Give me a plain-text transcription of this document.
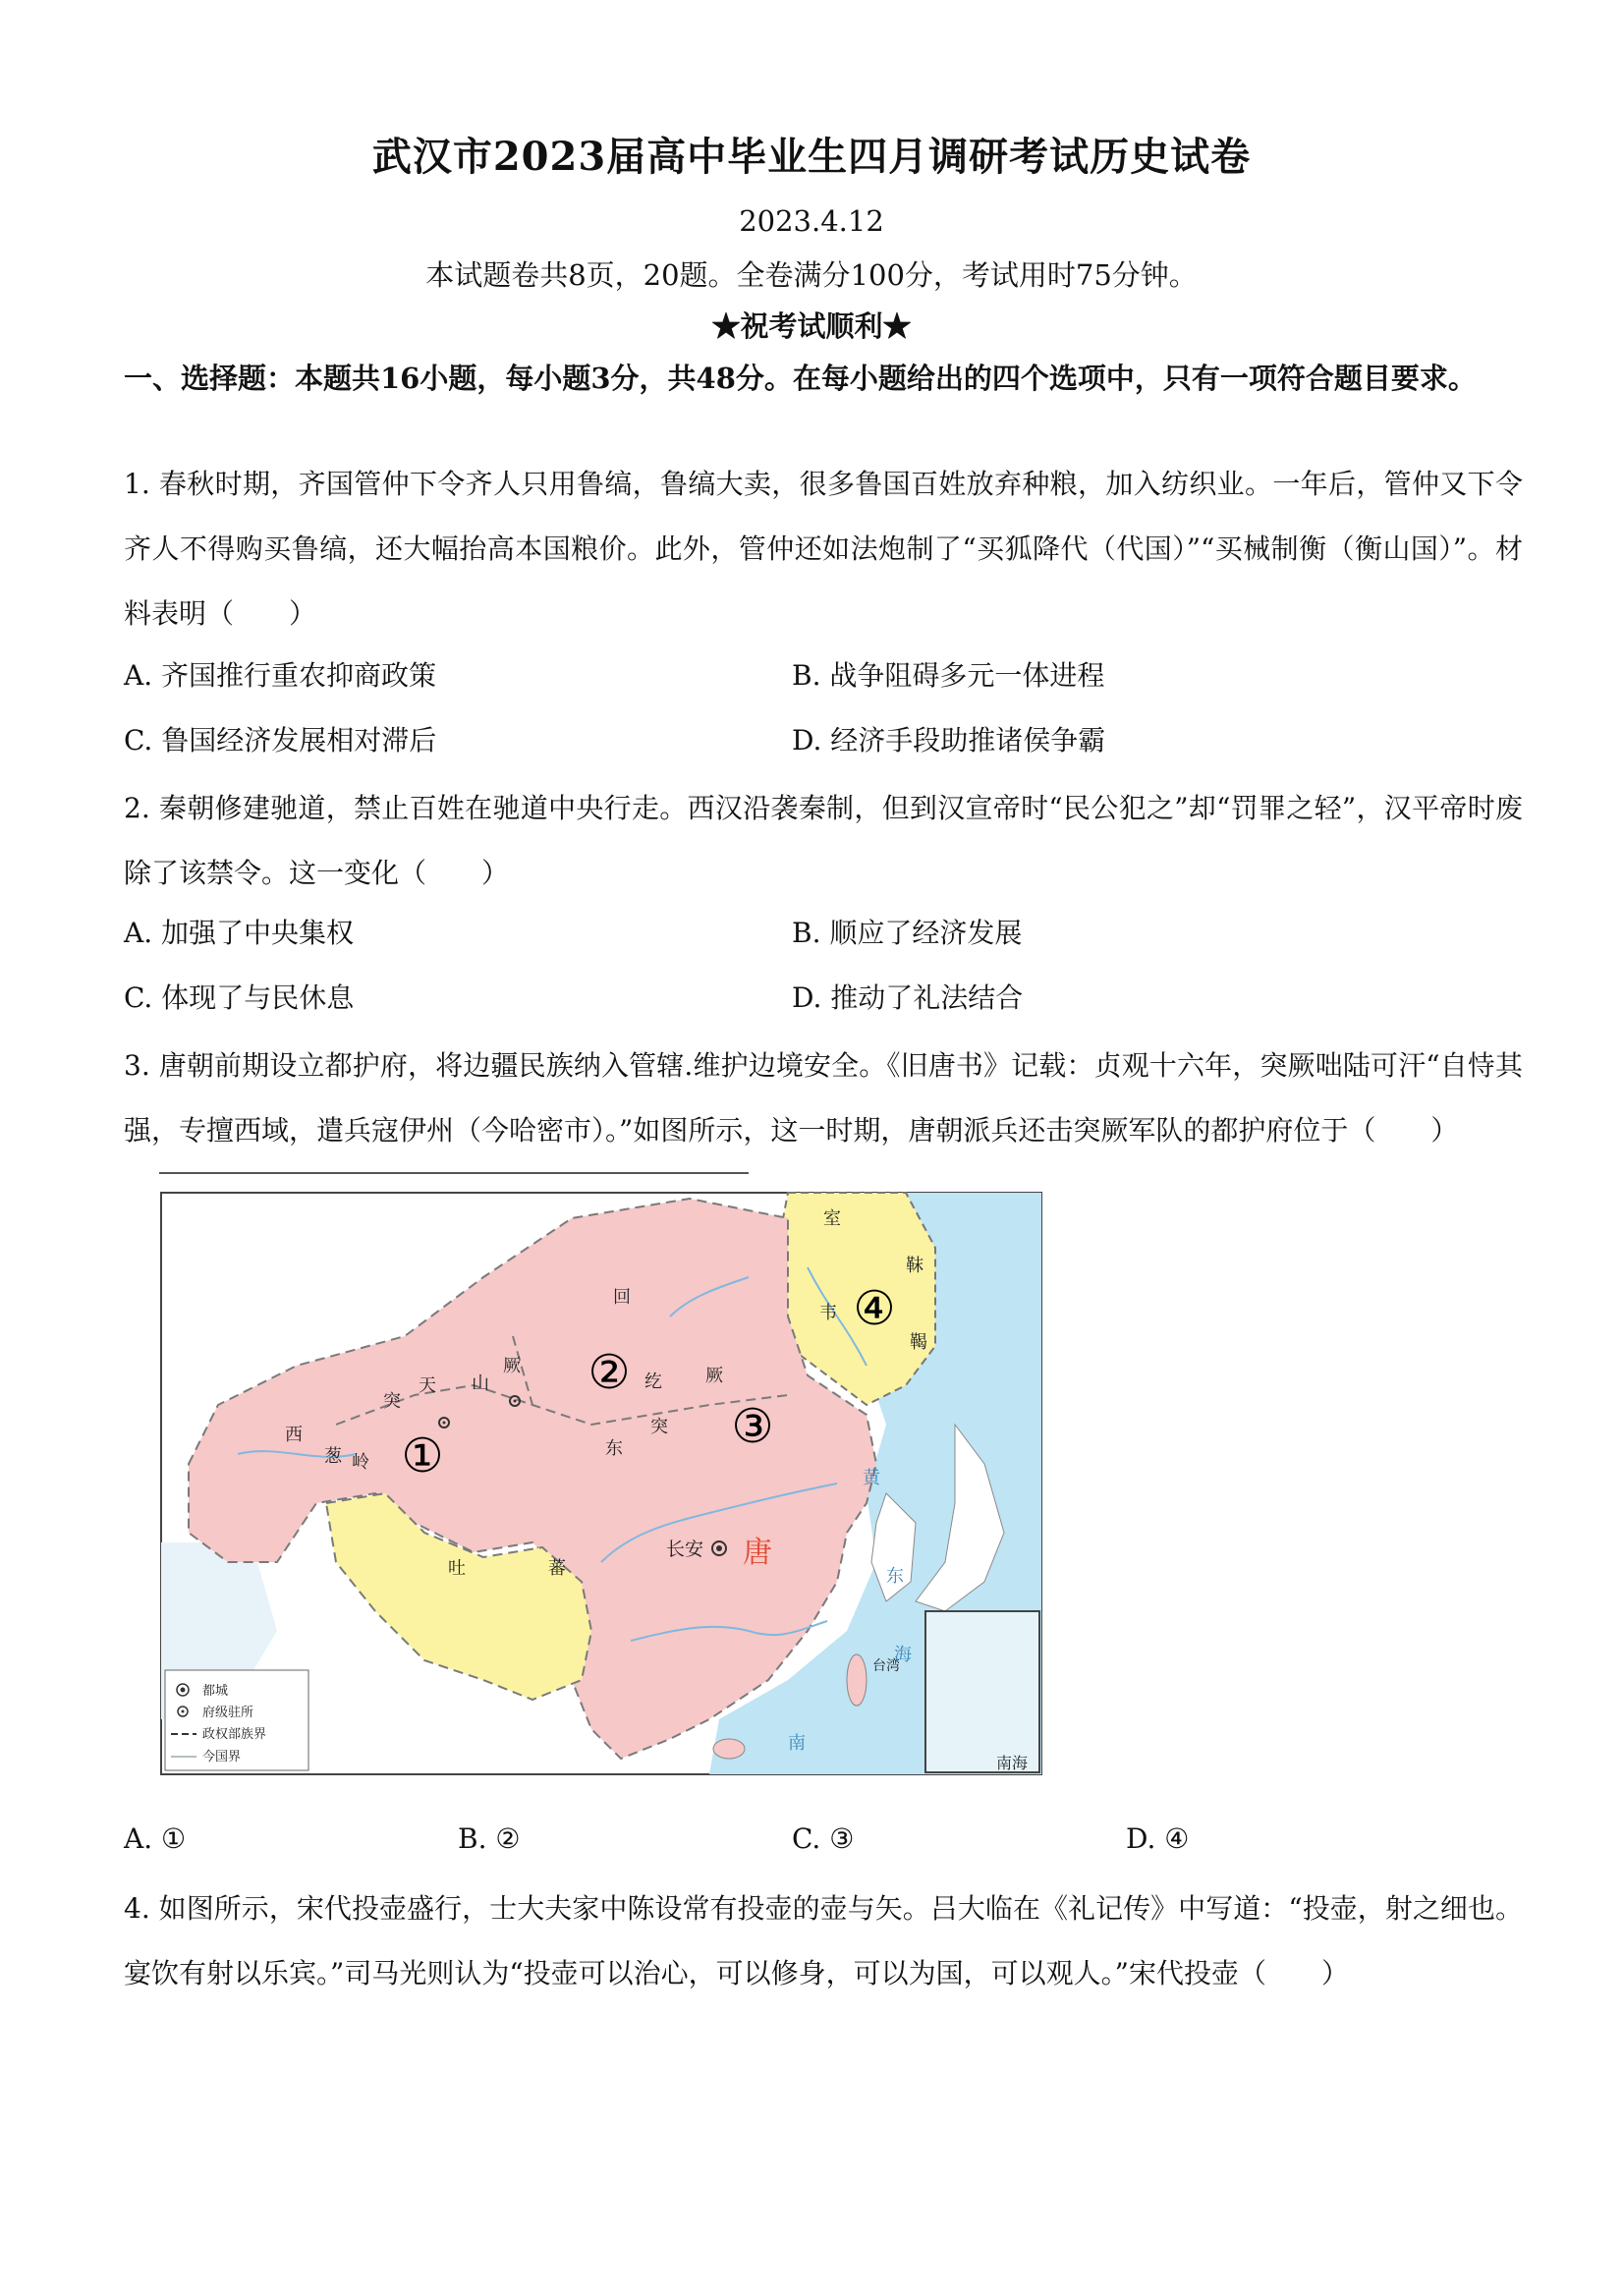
武汉市2023届高中毕业生四月调研考试历史试卷
2023.4.12
本试题卷共8页，20题。全卷满分100分，考试用时75分钟。
★祝考试顺利★
一、选择题：本题共16小题，每小题3分，共48分。在每小题给出的四个选项中，只有一项符合题目要求。
1. 春秋时期，齐国管仲下令齐人只用鲁缟，鲁缟大卖，很多鲁国百姓放弃种粮，加入纺织业。一年后，管仲又下令齐人不得购买鲁缟，还大幅抬高本国粮价。此外，管仲还如法炮制了“买狐降代（代国）”“买械制衡（衡山国）”。材料表明（　　）
A. 齐国推行重农抑商政策	B. 战争阻碍多元一体进程
C. 鲁国经济发展相对滞后	D. 经济手段助推诸侯争霸
2. 秦朝修建驰道，禁止百姓在驰道中央行走。西汉沿袭秦制，但到汉宣帝时“民公犯之”却“罚罪之轻”，汉平帝时废除了该禁令。这一变化（　　）
A. 加强了中央集权	B. 顺应了经济发展
C. 体现了与民休息	D. 推动了礼法结合
3. 唐朝前期设立都护府，将边疆民族纳入管辖.维护边境安全。《旧唐书》记载：贞观十六年，突厥咄陆可汗“自恃其强，专擅西域，遣兵寇伊州（今哈密市）。”如图所示，这一时期，唐朝派兵还击突厥军队的都护府位于（　　）
①
②
③
④
西
突
天 山
厥
葱 岭
回
纥 厥
突
东
室
靺
韦
鞨
吐	蕃
长安 唐
黄
海
东
南
台湾
南海
都城
府级驻所
政权部族界
今国界
A. ①	B. ②	C. ③	D. ④
4. 如图所示，宋代投壶盛行，士大夫家中陈设常有投壶的壶与矢。吕大临在《礼记传》中写道：“投壶，射之细也。宴饮有射以乐宾。”司马光则认为“投壶可以治心，可以修身，可以为国，可以观人。”宋代投壶（　　）
